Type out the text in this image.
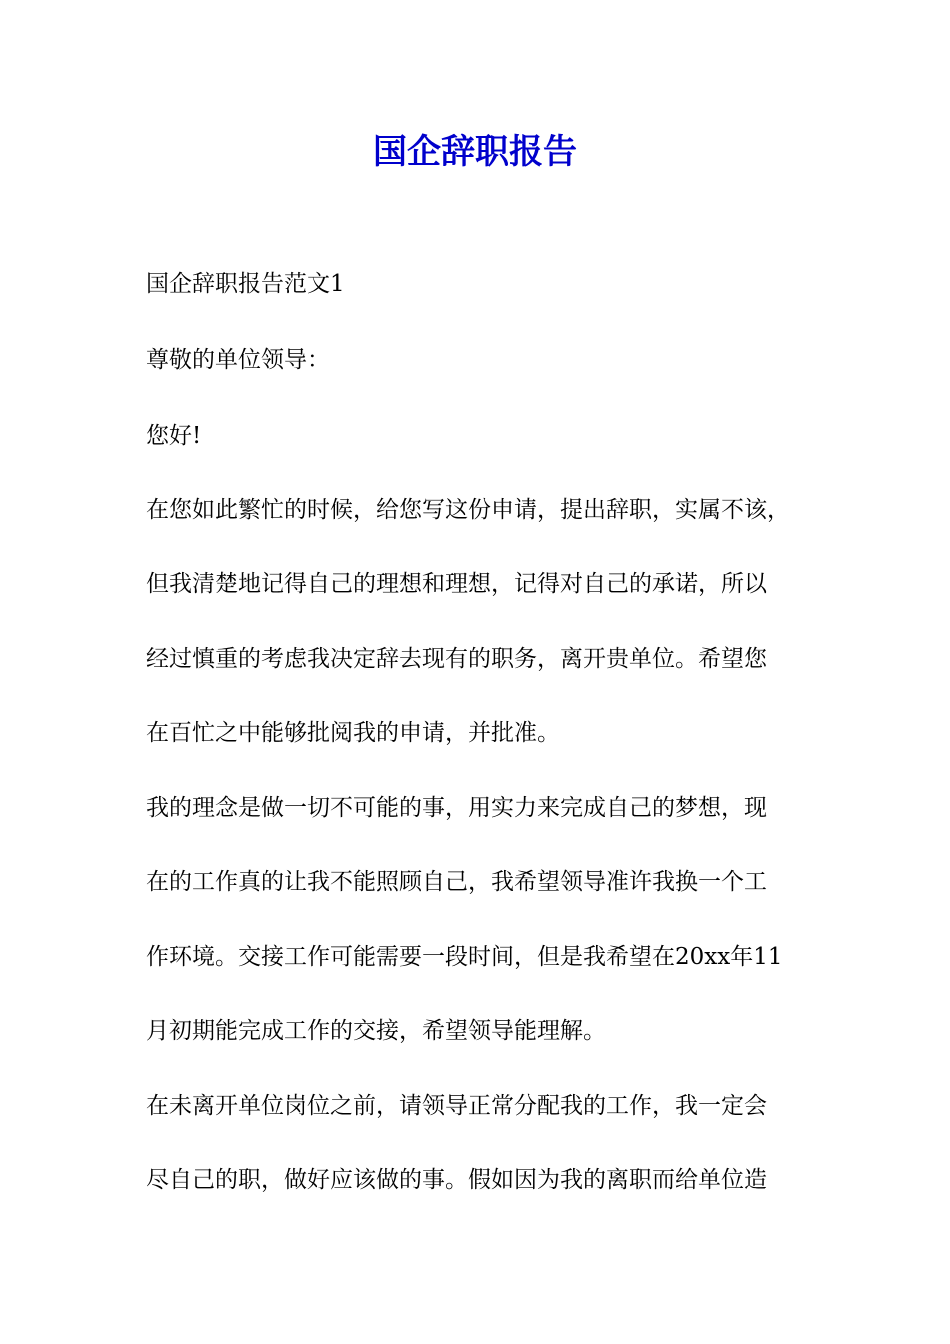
国企辞职报告

国企辞职报告范文1

尊敬的单位领导：

您好!

在您如此繁忙的时候，给您写这份申请，提出辞职，实属不该，

但我清楚地记得自己的理想和理想，记得对自己的承诺，所以

经过慎重的考虑我决定辞去现有的职务，离开贵单位。希望您

在百忙之中能够批阅我的申请，并批准。

我的理念是做一切不可能的事，用实力来完成自己的梦想，现

在的工作真的让我不能照顾自己，我希望领导准许我换一个工

作环境。交接工作可能需要一段时间，但是我希望在20xx年11

月初期能完成工作的交接，希望领导能理解。

在未离开单位岗位之前，请领导正常分配我的工作，我一定会

尽自己的职，做好应该做的事。假如因为我的离职而给单位造
